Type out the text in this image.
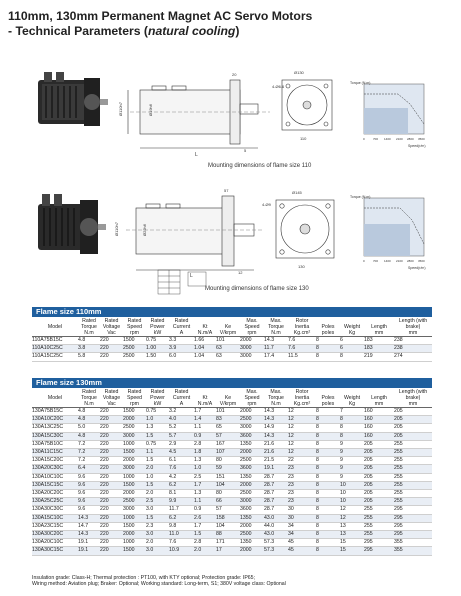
110mm, 130mm Permanent Magnet AC Servo Motors
- Technical Parameters (natural cooling)
L
Ø110h7	Ø19h6
20
5
Ø130
4-Ø6.6
110
Torque (N.m)
Speed(r/m)
0	700 1400 2100 2800 3500
Mounting dimensions of flame size 110
L
Ø110h7	Ø22h6
57
12
Ø145
4-Ø9
130
Torque (N.m)
Speed(r/m)
0	700 1400 2100 2800 3500
Mounting dimensions of flame size 130
Flame size 110mm
Model	Rated Torque	Rated Voltage	Rated Speed	Rated Power	Rated Current	Kt	Ke	Max. Speed	Max. Torque	Rotor Inertia	Poles	Weight	Length	Length (with brake)
	N.m	Vac	rpm	kW	A	N.m/A	V/krpm	rpm	N.m	Kg.cm²	poles	Kg	mm	mm
110A75B15C	4.8	220	1500	0.75	3.3	1.66	101	2000	14.3	7.6	8	6	183	238
110A10C25C	3.8	220	2500	1.00	3.9	1.04	63	3000	11.7	7.6	8	6	183	238
110A15C25C	5.8	220	2500	1.50	6.0	1.04	63	3000	17.4	11.5	8	8	219	274
Flame size 130mm
Model	Rated Torque	Rated Voltage	Rated Speed	Rated Power	Rated Current	Kt	Ke	Max. Speed	Max. Torque	Rotor Inertia	Poles	Weight	Length	Length (with brake)
	N.m	Vac	rpm	kW	A	N.m/A	V/krpm	rpm	N.m	Kg.cm²	poles	Kg	mm	mm
130A75B15C	4.8	220	1500	0.75	3.2	1.7	101	2000	14.3	12	8	7	160	205
130A10C20C	4.8	220	2000	1.0	4.0	1.4	83	2500	14.3	12	8	8	160	205
130A13C25C	5.0	220	2500	1.3	5.2	1.1	65	3000	14.9	12	8	8	160	205
130A15C30C	4.8	220	3000	1.5	5.7	0.9	57	3600	14.3	12	8	8	160	205
130A75B10C	7.2	220	1000	0.75	2.9	2.8	167	1350	21.6	12	8	9	205	255
130A11C15C	7.2	220	1500	1.1	4.5	1.8	107	2000	21.6	12	8	9	205	255
130A15C20C	7.2	220	2000	1.5	6.1	1.3	80	2500	21.5	22	8	9	205	255
130A20C30C	6.4	220	3000	2.0	7.6	1.0	59	3600	19.1	23	8	9	205	255
130A10C10C	9.6	220	1000	1.0	4.2	2.5	151	1350	28.7	23	8	9	205	255
130A15C15C	9.6	220	1500	1.5	6.2	1.7	104	2000	28.7	23	8	10	205	255
130A20C20C	9.6	220	2000	2.0	8.1	1.3	80	2500	28.7	23	8	10	205	255
130A25C25C	9.6	220	2500	2.5	9.9	1.1	66	3000	28.7	23	8	10	205	255
130A30C30C	9.6	220	3000	3.0	11.7	0.9	57	3600	28.7	30	8	12	255	295
130A15C10C	14.3	220	1000	1.5	6.2	2.6	158	1350	43.0	30	8	12	255	295
130A23C15C	14.7	220	1500	2.3	9.8	1.7	104	2000	44.0	34	8	13	255	295
130A30C20C	14.3	220	2000	3.0	11.0	1.5	88	2500	43.0	34	8	13	255	295
130A20C10C	19.1	220	1000	2.0	7.6	2.8	171	1350	57.3	45	8	15	295	355
130A30C15C	19.1	220	1500	3.0	10.9	2.0	17	2000	57.3	45	8	15	295	355
Insulation grade: Class-H; Thermal protection : PT100, with KTY optional; Protection grade: IP65;
Wiring method: Aviation plug; Braker: Optional; Working standard: Long-term, S1; 380V voltage class: Optional
